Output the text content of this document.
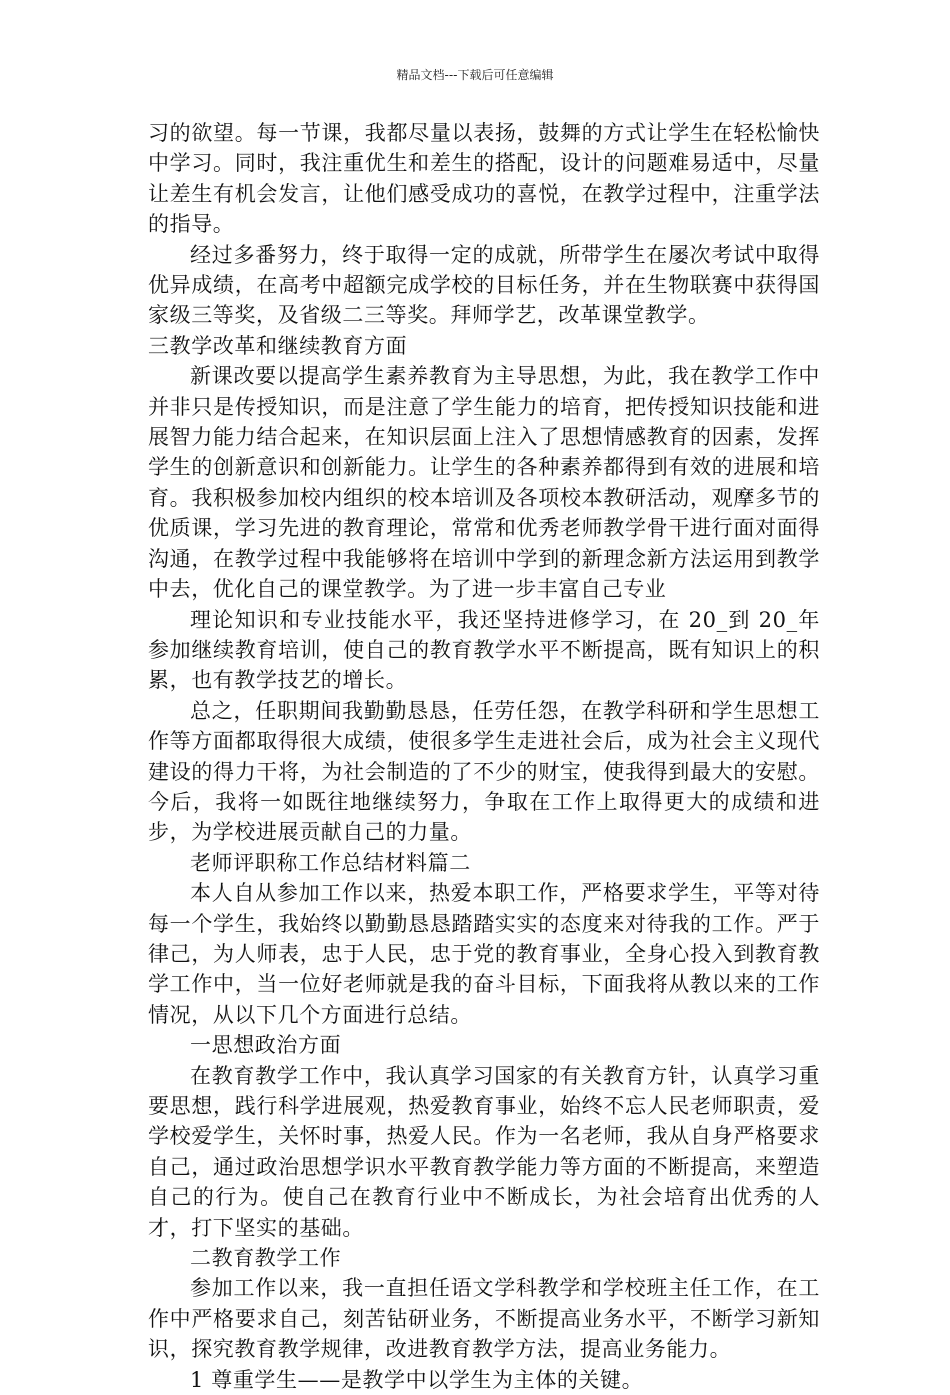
精品文档---下载后可任意编辑

习的欲望。每一节课，我都尽量以表扬，鼓舞的方式让学生在轻松愉快中学习。同时，我注重优生和差生的搭配，设计的问题难易适中，尽量让差生有机会发言，让他们感受成功的喜悦，在教学过程中，注重学法的指导。

经过多番努力，终于取得一定的成就，所带学生在屡次考试中取得优异成绩，在高考中超额完成学校的目标任务，并在生物联赛中获得国家级三等奖，及省级二三等奖。拜师学艺，改革课堂教学。

三教学改革和继续教育方面

新课改要以提高学生素养教育为主导思想，为此，我在教学工作中并非只是传授知识，而是注意了学生能力的培育，把传授知识技能和进展智力能力结合起来，在知识层面上注入了思想情感教育的因素，发挥学生的创新意识和创新能力。让学生的各种素养都得到有效的进展和培育。我积极参加校内组织的校本培训及各项校本教研活动，观摩多节的优质课，学习先进的教育理论，常常和优秀老师教学骨干进行面对面得沟通，在教学过程中我能够将在培训中学到的新理念新方法运用到教学中去，优化自己的课堂教学。为了进一步丰富自己专业

理论知识和专业技能水平，我还坚持进修学习，在 20_到 20_年参加继续教育培训，使自己的教育教学水平不断提高，既有知识上的积累，也有教学技艺的增长。

总之，任职期间我勤勤恳恳，任劳任怨，在教学科研和学生思想工作等方面都取得很大成绩，使很多学生走进社会后，成为社会主义现代建设的得力干将，为社会制造的了不少的财宝，使我得到最大的安慰。今后，我将一如既往地继续努力，争取在工作上取得更大的成绩和进步，为学校进展贡献自己的力量。

老师评职称工作总结材料篇二

本人自从参加工作以来，热爱本职工作，严格要求学生，平等对待每一个学生，我始终以勤勤恳恳踏踏实实的态度来对待我的工作。严于律己，为人师表，忠于人民，忠于党的教育事业，全身心投入到教育教学工作中，当一位好老师就是我的奋斗目标，下面我将从教以来的工作情况，从以下几个方面进行总结。

一思想政治方面

在教育教学工作中，我认真学习国家的有关教育方针，认真学习重要思想，践行科学进展观，热爱教育事业，始终不忘人民老师职责，爱学校爱学生，关怀时事，热爱人民。作为一名老师，我从自身严格要求自己，通过政治思想学识水平教育教学能力等方面的不断提高，来塑造自己的行为。使自己在教育行业中不断成长，为社会培育出优秀的人才，打下坚实的基础。

二教育教学工作

参加工作以来，我一直担任语文学科教学和学校班主任工作，在工作中严格要求自己，刻苦钻研业务，不断提高业务水平，不断学习新知识，探究教育教学规律，改进教育教学方法，提高业务能力。

1 尊重学生——是教学中以学生为主体的关键。
